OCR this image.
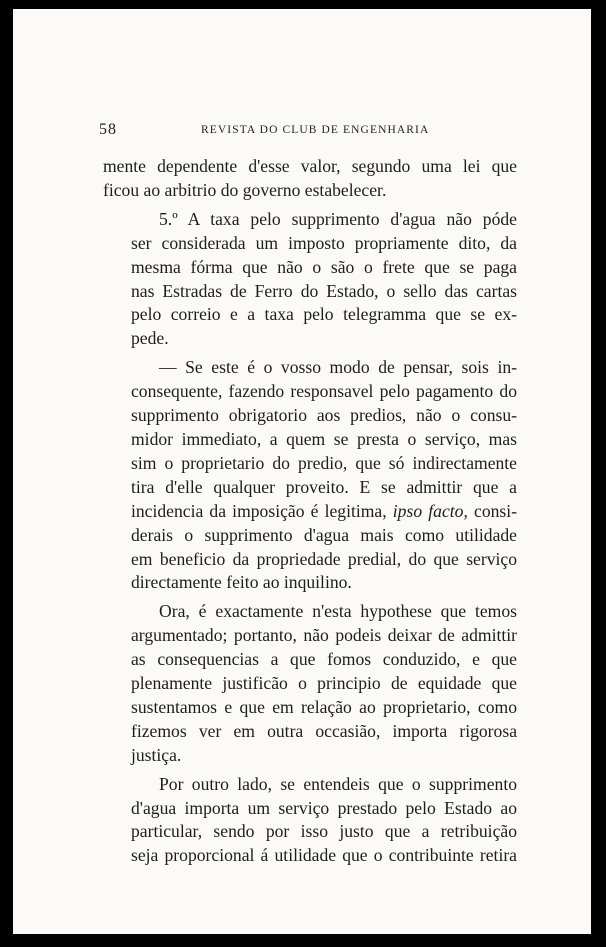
58	REVISTA DO CLUB DE ENGENHARIA

mente dependente d'esse valor, segundo uma lei que
ficou ao arbitrio do governo estabelecer.

5.º A taxa pelo supprimento d'agua não póde
ser considerada um imposto propriamente dito, da
mesma fórma que não o são o frete que se paga
nas Estradas de Ferro do Estado, o sello das cartas
pelo correio e a taxa pelo telegramma que se ex-
pede.

— Se este é o vosso modo de pensar, sois in-
consequente, fazendo responsavel pelo pagamento do
supprimento obrigatorio aos predios, não o consu-
midor immediato, a quem se presta o serviço, mas
sim o proprietario do predio, que só indirectamente
tira d'elle qualquer proveito. E se admittir que a
incidencia da imposição é legitima, ipso facto, consi-
derais o supprimento d'agua mais como utilidade
em beneficio da propriedade predial, do que serviço
directamente feito ao inquilino.

Ora, é exactamente n'esta hypothese que temos
argumentado; portanto, não podeis deixar de admittir
as consequencias a que fomos conduzido, e que
plenamente justificão o principio de equidade que
sustentamos e que em relação ao proprietario, como
fizemos ver em outra occasião, importa rigorosa
justiça.

Por outro lado, se entendeis que o supprimento
d'agua importa um serviço prestado pelo Estado ao
particular, sendo por isso justo que a retribuição
seja proporcional á utilidade que o contribuinte retira
